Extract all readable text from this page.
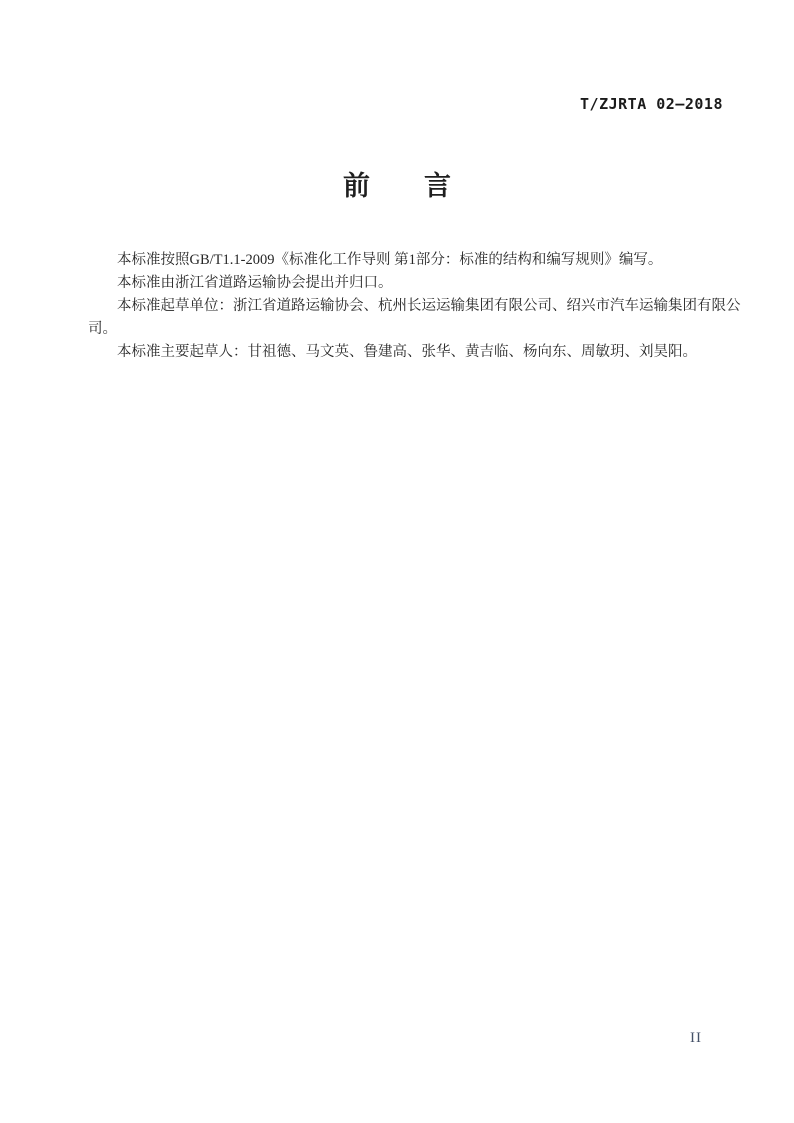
T/ZJRTA 02—2018
前　　言

本标准按照GB/T1.1-2009《标准化工作导则 第1部分：标准的结构和编写规则》编写。

本标准由浙江省道路运输协会提出并归口。

本标准起草单位：浙江省道路运输协会、杭州长运运输集团有限公司、绍兴市汽车运输集团有限公司。

本标准主要起草人：甘祖德、马文英、鲁建高、张华、黄吉临、杨向东、周敏玥、刘昊阳。

II
